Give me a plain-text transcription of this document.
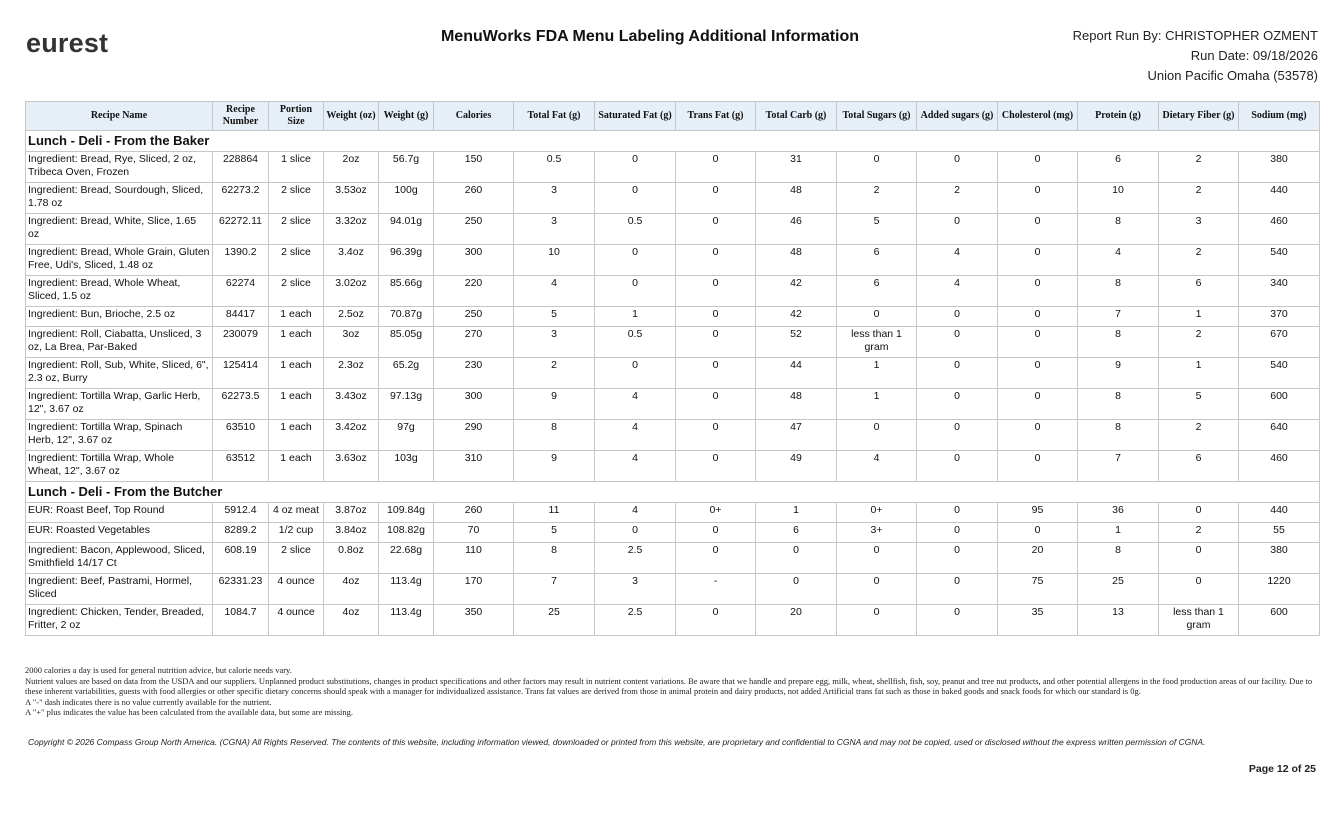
eurest	MenuWorks FDA Menu Labeling Additional Information	Report Run By: CHRISTOPHER OZMENT
Run Date: 09/18/2026
Union Pacific Omaha (53578)
Recipe Name	Recipe Number	Portion Size	Weight (oz)	Weight (g)	Calories	Total Fat (g)	Saturated Fat (g)	Trans Fat (g)	Total Carb (g)	Total Sugars (g)	Added sugars (g)	Cholesterol (mg)	Protein (g)	Dietary Fiber (g)	Sodium (mg)
Lunch - Deli - From the Baker															
Ingredient: Bread, Rye, Sliced, 2 oz, Tribeca Oven, Frozen	228864	1 slice	2oz	56.7g	150	0.5	0	0	31	0	0	0	6	2	380
Ingredient: Bread, Sourdough, Sliced, 1.78 oz	62273.2	2 slice	3.53oz	100g	260	3	0	0	48	2	2	0	10	2	440
Ingredient: Bread, White, Slice, 1.65 oz	62272.11	2 slice	3.32oz	94.01g	250	3	0.5	0	46	5	0	0	8	3	460
Ingredient: Bread, Whole Grain, Gluten Free, Udi's, Sliced, 1.48 oz	1390.2	2 slice	3.4oz	96.39g	300	10	0	0	48	6	4	0	4	2	540
Ingredient: Bread, Whole Wheat, Sliced, 1.5 oz	62274	2 slice	3.02oz	85.66g	220	4	0	0	42	6	4	0	8	6	340
Ingredient: Bun, Brioche, 2.5 oz	84417	1 each	2.5oz	70.87g	250	5	1	0	42	0	0	0	7	1	370
Ingredient: Roll, Ciabatta, Unsliced, 3 oz, La Brea, Par-Baked	230079	1 each	3oz	85.05g	270	3	0.5	0	52	less than 1 gram	0	0	8	2	670
Ingredient: Roll, Sub, White, Sliced, 6", 2.3 oz, Burry	125414	1 each	2.3oz	65.2g	230	2	0	0	44	1	0	0	9	1	540
Ingredient: Tortilla Wrap, Garlic Herb, 12", 3.67 oz	62273.5	1 each	3.43oz	97.13g	300	9	4	0	48	1	0	0	8	5	600
Ingredient: Tortilla Wrap, Spinach Herb, 12", 3.67 oz	63510	1 each	3.42oz	97g	290	8	4	0	47	0	0	0	8	2	640
Ingredient: Tortilla Wrap, Whole Wheat, 12", 3.67 oz	63512	1 each	3.63oz	103g	310	9	4	0	49	4	0	0	7	6	460
Lunch - Deli - From the Butcher															
EUR: Roast Beef, Top Round	5912.4	4 oz meat	3.87oz	109.84g	260	11	4	0+	1	0+	0	95	36	0	440
EUR: Roasted Vegetables	8289.2	1/2 cup	3.84oz	108.82g	70	5	0	0	6	3+	0	0	1	2	55
Ingredient: Bacon, Applewood, Sliced, Smithfield 14/17 Ct	608.19	2 slice	0.8oz	22.68g	110	8	2.5	0	0	0	0	20	8	0	380
Ingredient: Beef, Pastrami, Hormel, Sliced	62331.23	4 ounce	4oz	113.4g	170	7	3	-	0	0	0	75	25	0	1220
Ingredient: Chicken, Tender, Breaded, Fritter, 2 oz	1084.7	4 ounce	4oz	113.4g	350	25	2.5	0	20	0	0	35	13	less than 1 gram	600

2000 calories a day is used for general nutrition advice, but calorie needs vary.

Nutrient values are based on data from the USDA and our suppliers. Unplanned product substitutions, changes in product specifications and other factors may result in nutrient content variations. Be aware that we handle and prepare egg, milk, wheat, shellfish, fish, soy, peanut and tree nut products, and other potential allergens in the food production areas of our facility. Due to these inherent variabilities, guests with food allergies or other specific dietary concerns should speak with a manager for individualized assistance. Trans fat values are derived from those in animal protein and dairy products, not added Artificial trans fat such as those in baked goods and snack foods for which our standard is 0g.

A "-" dash indicates there is no value currently available for the nutrient.

A "+" plus indicates the value has been calculated from the available data, but some are missing.

Copyright © 2026 Compass Group North America. (CGNA) All Rights Reserved. The contents of this website, including information viewed, downloaded or printed from this website, are proprietary and confidential to CGNA and may not be copied, used or disclosed without the express written permission of CGNA.
Page 12 of 25
